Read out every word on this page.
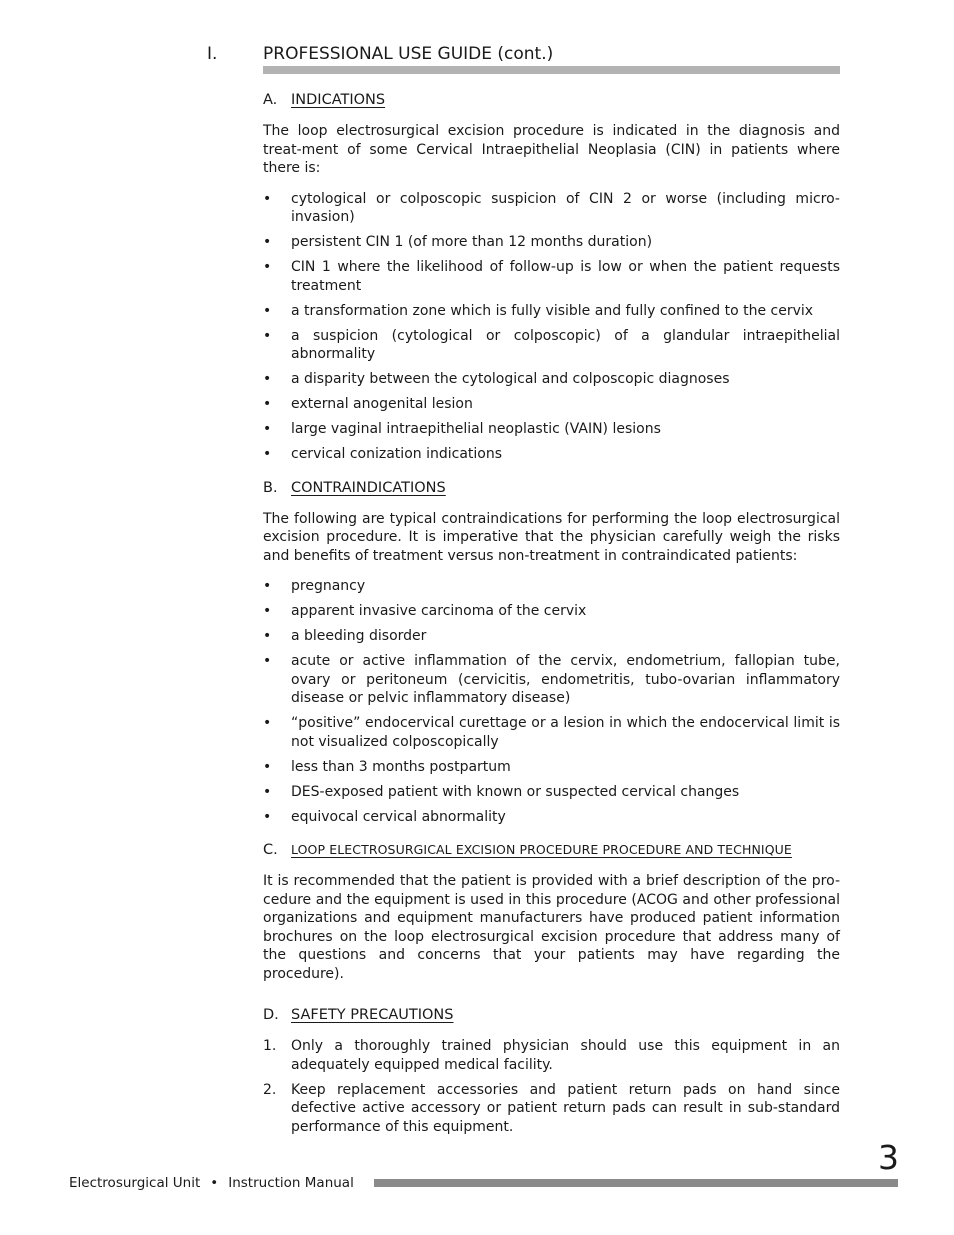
I.	PROFESSIONAL USE GUIDE (cont.)
A. INDICATIONS

The loop electrosurgical excision procedure is indicated in the diagnosis and treat-ment of some Cervical Intraepithelial Neoplasia (CIN) in patients where there is:

• cytological or colposcopic suspicion of CIN 2 or worse (including micro-invasion)
• persistent CIN 1 (of more than 12 months duration)
• CIN 1 where the likelihood of follow-up is low or when the patient requests treatment
• a transformation zone which is fully visible and fully confined to the cervix
• a suspicion (cytological or colposcopic) of a glandular intraepithelial abnormality
• a disparity between the cytological and colposcopic diagnoses
• external anogenital lesion
• large vaginal intraepithelial neoplastic (VAIN) lesions
• cervical conization indications
B. CONTRAINDICATIONS

The following are typical contraindications for performing the loop electrosurgical excision procedure. It is imperative that the physician carefully weigh the risks and benefits of treatment versus non-treatment in contraindicated patients:

• pregnancy
• apparent invasive carcinoma of the cervix
• a bleeding disorder
• acute or active inflammation of the cervix, endometrium, fallopian tube, ovary or peritoneum (cervicitis, endometritis, tubo-ovarian inflammatory disease or pelvic inflammatory disease)
• “positive” endocervical curettage or a lesion in which the endocervical limit is not visualized colposcopically
• less than 3 months postpartum
• DES-exposed patient with known or suspected cervical changes
• equivocal cervical abnormality
C. LOOP ELECTROSURGICAL EXCISION PROCEDURE PROCEDURE AND TECHNIQUE

It is recommended that the patient is provided with a brief description of the pro-cedure and the equipment is used in this procedure (ACOG and other professional organizations and equipment manufacturers have produced patient information brochures on the loop electrosurgical excision procedure that address many of the questions and concerns that your patients may have regarding the procedure).

D. SAFETY PRECAUTIONS
1. Only a thoroughly trained physician should use this equipment in an adequately equipped medical facility.
2. Keep replacement accessories and patient return pads on hand since defective active accessory or patient return pads can result in sub-standard performance of this equipment.
3
Electrosurgical Unit • Instruction Manual
